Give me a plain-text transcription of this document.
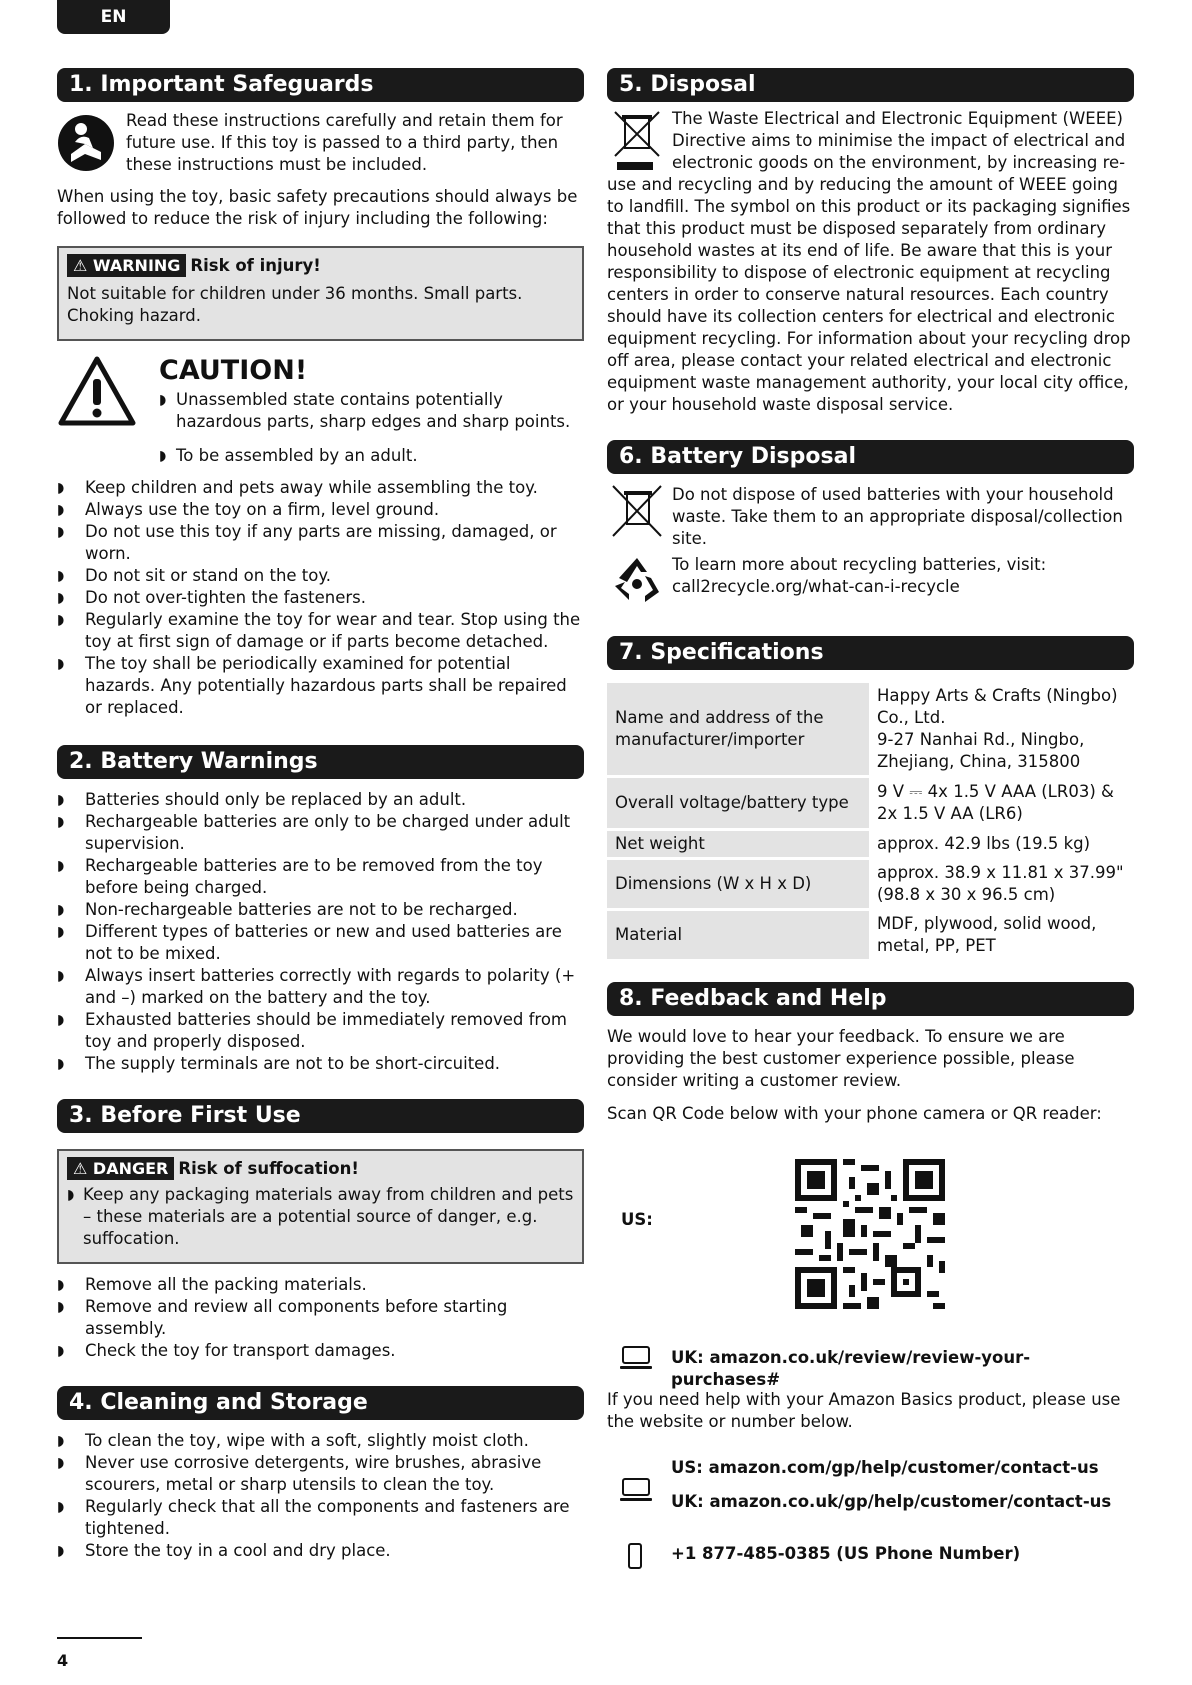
EN
1. Important Safeguards

Read these instructions carefully and retain them for future use. If this toy is passed to a third party, then these instructions must be included.

When using the toy, basic safety precautions should always be followed to reduce the risk of injury including the following:

⚠ WARNING Risk of injury!

Not suitable for children under 36 months. Small parts. Choking hazard.

CAUTION!
◗ Unassembled state contains potentially hazardous parts, sharp edges and sharp points.
◗ To be assembled by an adult.
◗ Keep children and pets away while assembling the toy.
◗ Always use the toy on a firm, level ground.
◗ Do not use this toy if any parts are missing, damaged, or worn.
◗ Do not sit or stand on the toy.
◗ Do not over-tighten the fasteners.
◗ Regularly examine the toy for wear and tear. Stop using the toy at first sign of damage or if parts become detached.
◗ The toy shall be periodically examined for potential hazards. Any potentially hazardous parts shall be repaired or replaced.
2. Battery Warnings
◗ Batteries should only be replaced by an adult.
◗ Rechargeable batteries are only to be charged under adult supervision.
◗ Rechargeable batteries are to be removed from the toy before being charged.
◗ Non-rechargeable batteries are not to be recharged.
◗ Different types of batteries or new and used batteries are not to be mixed.
◗ Always insert batteries correctly with regards to polarity (+ and –) marked on the battery and the toy.
◗ Exhausted batteries should be immediately removed from toy and properly disposed.
◗ The supply terminals are not to be short-circuited.
3. Before First Use
⚠ DANGER Risk of suffocation!
◗ Keep any packaging materials away from children and pets – these materials are a potential source of danger, e.g. suffocation.
◗ Remove all the packing materials.
◗ Remove and review all components before starting assembly.
◗ Check the toy for transport damages.
4. Cleaning and Storage
◗ To clean the toy, wipe with a soft, slightly moist cloth.
◗ Never use corrosive detergents, wire brushes, abrasive scourers, metal or sharp utensils to clean the toy.
◗ Regularly check that all the components and fasteners are tightened.
◗ Store the toy in a cool and dry place.
5. Disposal

The Waste Electrical and Electronic Equipment (WEEE) Directive aims to minimise the impact of electrical and electronic goods on the environment, by increasing re-use and recycling and by reducing the amount of WEEE going to landfill. The symbol on this product or its packaging signifies that this product must be disposed separately from ordinary household wastes at its end of life. Be aware that this is your responsibility to dispose of electronic equipment at recycling centers in order to conserve natural resources. Each country should have its collection centers for electrical and electronic equipment recycling. For information about your recycling drop off area, please contact your related electrical and electronic equipment waste management authority, your local city office, or your household waste disposal service.

6. Battery Disposal

Do not dispose of used batteries with your household waste. Take them to an appropriate disposal/collection site.

To learn more about recycling batteries, visit: call2recycle.org/what-can-i-recycle

7. Specifications
Name and address of the manufacturer/importer	Happy Arts & Crafts (Ningbo) Co., Ltd.
9-27 Nanhai Rd., Ningbo, Zhejiang, China, 315800
Overall voltage/battery type	9 V ⎓ 4x 1.5 V AAA (LR03) & 2x 1.5 V AA (LR6)
Net weight	approx. 42.9 lbs (19.5 kg)
Dimensions (W x H x D)	approx. 38.9 x 11.81 x 37.99" (98.8 x 30 x 96.5 cm)
Material	MDF, plywood, solid wood, metal, PP, PET
8. Feedback and Help

We would love to hear your feedback. To ensure we are providing the best customer experience possible, please consider writing a customer review.

Scan QR Code below with your phone camera or QR reader:

US:
UK: amazon.co.uk/review/review-your-purchases#

If you need help with your Amazon Basics product, please use the website or number below.

US: amazon.com/gp/help/customer/contact-us
UK: amazon.co.uk/gp/help/customer/contact-us
+1 877-485-0385 (US Phone Number)
4
